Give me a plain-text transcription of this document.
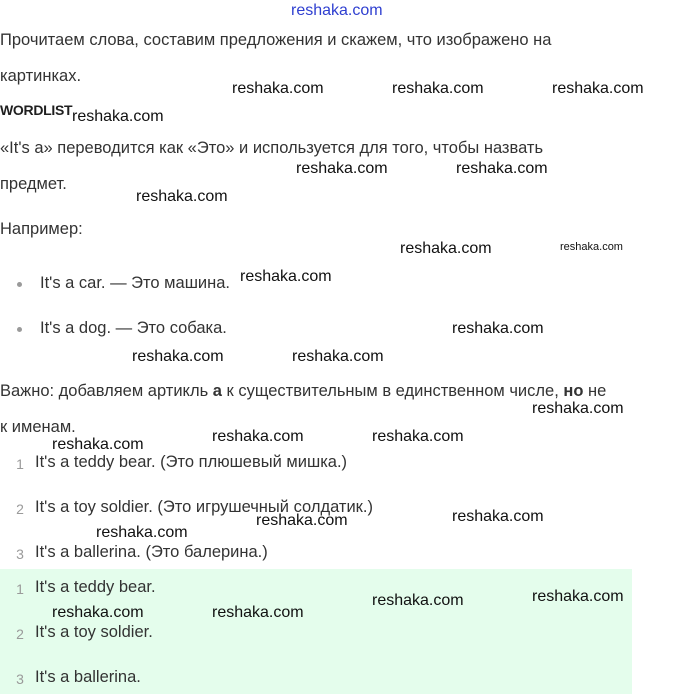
reshaka.com
Прочитаем слова, составим предложения и скажем, что изображено на
картинках.
WORDLIST
«It's a» переводится как «Это» и используется для того, чтобы назвать
предмет.
Например:
It's a car. — Это машина.
It's a dog. — Это собака.
Важно: добавляем артикль a к существительным в единственном числе, но не
к именам.
1 It's a teddy bear. (Это плюшевый мишка.)
2 It's a toy soldier. (Это игрушечный солдатик.)
3 It's a ballerina. (Это балерина.)
1 It's a teddy bear.
2 It's a toy soldier.
3 It's a ballerina.
reshaka.com	reshaka.com	reshaka.com
reshaka.com
reshaka.com	reshaka.com
reshaka.com
reshaka.com	reshaka.com
reshaka.com
reshaka.com
reshaka.com	reshaka.com
reshaka.com
reshaka.com	reshaka.com
reshaka.com
reshaka.com
reshaka.com
reshaka.com
reshaka.com
reshaka.com
reshaka.com	reshaka.com
